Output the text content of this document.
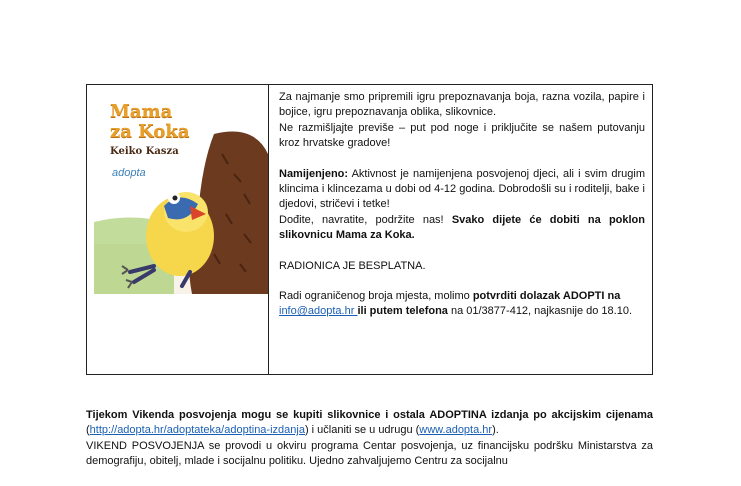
Mama
za Koka
Keiko Kasza
adopta

Za najmanje smo pripremili igru prepoznavanja boja, razna vozila, papire i bojice, igru prepoznavanja oblika, slikovnice.

Ne razmišljajte previše – put pod noge i priključite se našem putovanju kroz hrvatske gradove!

Namijenjeno: Aktivnost je namijenjena posvojenoj djeci, ali i svim drugim klincima i klincezama u dobi od 4-12 godina. Dobrodošli su i roditelji, bake i djedovi, stričevi i tetke!

Dođite, navratite, podržite nas! Svako dijete će dobiti na poklon slikovnicu Mama za Koka.

RADIONICA JE BESPLATNA.

Radi ograničenog broja mjesta, molimo potvrditi dolazak ADOPTI na
info@adopta.hr ili putem telefona na 01/3877-412, najkasnije do 18.10.

Tijekom Vikenda posvojenja mogu se kupiti slikovnice i ostala ADOPTINA izdanja po akcijskim cijenama (http://adopta.hr/adoptateka/adoptina-izdanja) i učlaniti se u udrugu (www.adopta.hr).

VIKEND POSVOJENJA se provodi u okviru programa Centar posvojenja, uz financijsku podršku Ministarstva za demografiju, obitelj, mlade i socijalnu politiku. Ujedno zahvaljujemo Centru za socijalnu
